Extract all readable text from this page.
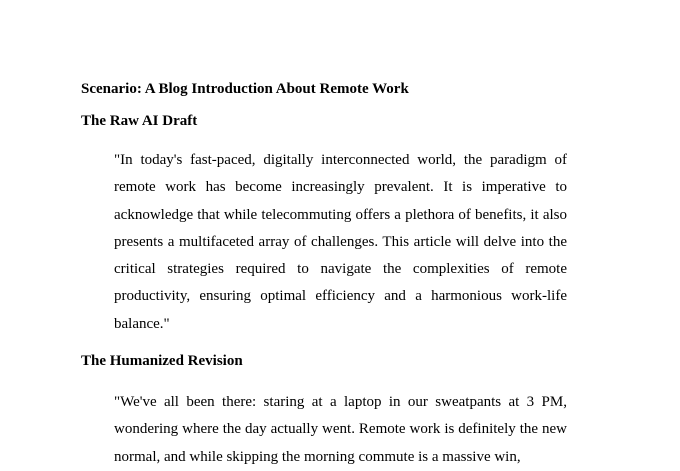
Scenario: A Blog Introduction About Remote Work
The Raw AI Draft

"In today's fast-paced, digitally interconnected world, the paradigm of remote work has become increasingly prevalent. It is imperative to acknowledge that while telecommuting offers a plethora of benefits, it also presents a multifaceted array of challenges. This article will delve into the critical strategies required to navigate the complexities of remote productivity, ensuring optimal efficiency and a harmonious work-life balance."

The Humanized Revision

"We've all been there: staring at a laptop in our sweatpants at 3 PM, wondering where the day actually went. Remote work is definitely the new normal, and while skipping the morning commute is a massive win,
